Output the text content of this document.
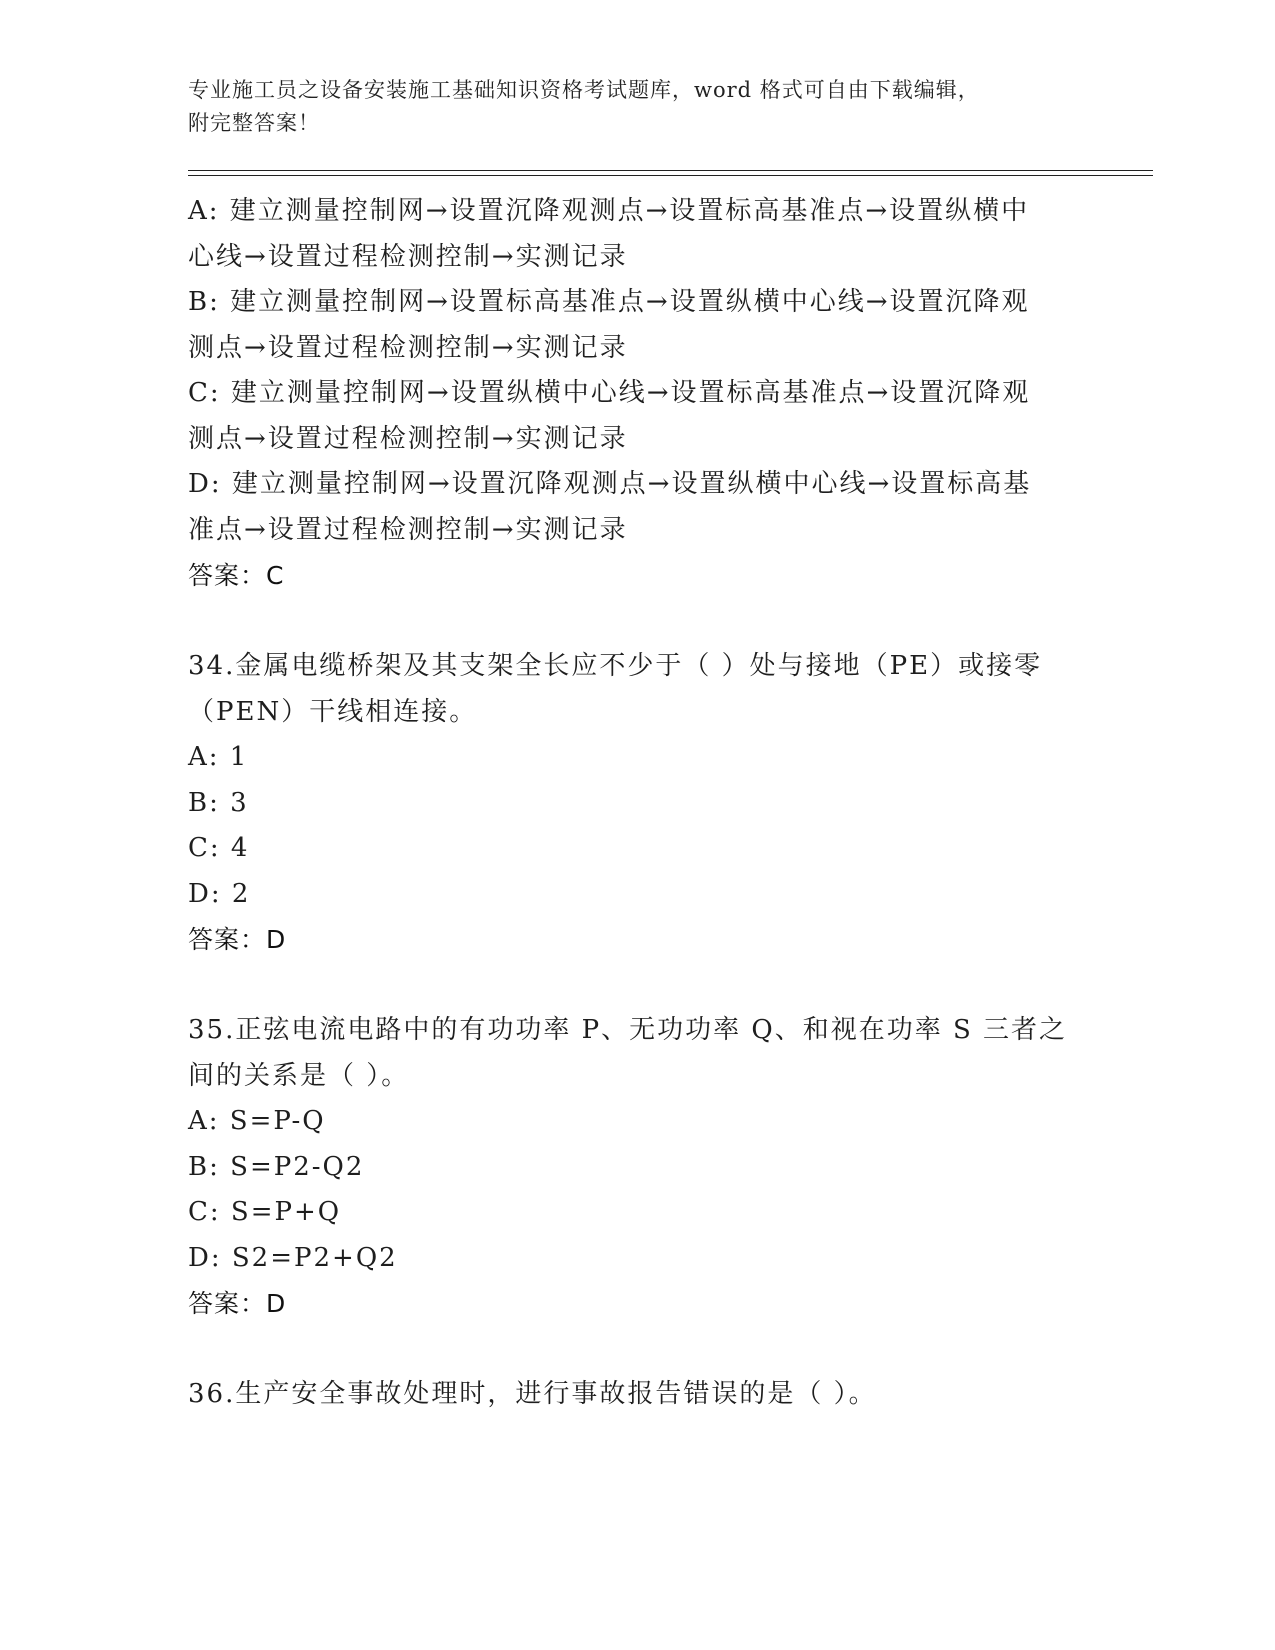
专业施工员之设备安装施工基础知识资格考试题库，word 格式可自由下载编辑，
附完整答案！
A: 建立测量控制网→设置沉降观测点→设置标高基准点→设置纵横中
心线→设置过程检测控制→实测记录
B: 建立测量控制网→设置标高基准点→设置纵横中心线→设置沉降观
测点→设置过程检测控制→实测记录
C: 建立测量控制网→设置纵横中心线→设置标高基准点→设置沉降观
测点→设置过程检测控制→实测记录
D: 建立测量控制网→设置沉降观测点→设置纵横中心线→设置标高基
准点→设置过程检测控制→实测记录
答案：C
34.金属电缆桥架及其支架全长应不少于（ ）处与接地（PE）或接零
（PEN）干线相连接。
A: 1
B: 3
C: 4
D: 2
答案：D
35.正弦电流电路中的有功功率 P、无功功率 Q、和视在功率 S 三者之
间的关系是（ ）。
A: S=P-Q
B: S=P2-Q2
C: S=P+Q
D: S2=P2+Q2
答案：D
36.生产安全事故处理时，进行事故报告错误的是（ ）。
